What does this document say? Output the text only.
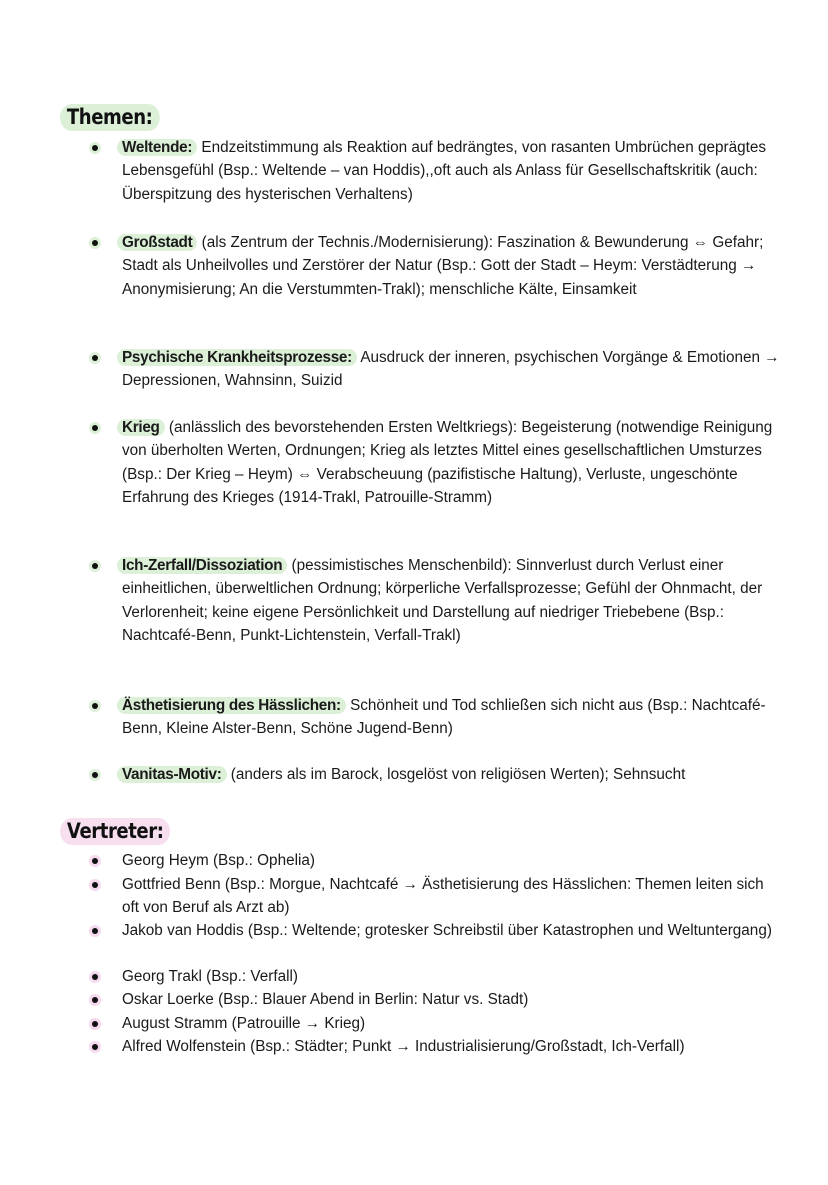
Themen:
Weltende: Endzeitstimmung als Reaktion auf bedrängtes, von rasanten Umbrüchen geprägtes Lebensgefühl (Bsp.: Weltende – van Hoddis),,oft auch als Anlass für Gesellschaftskritik (auch: Überspitzung des hysterischen Verhaltens)
Großstadt (als Zentrum der Technis./Modernisierung): Faszination & Bewunderung ⇔ Gefahr; Stadt als Unheilvolles und Zerstörer der Natur (Bsp.: Gott der Stadt – Heym: Verstädterung → Anonymisierung; An die Verstummten-Trakl); menschliche Kälte, Einsamkeit
Psychische Krankheitsprozesse: Ausdruck der inneren, psychischen Vorgänge & Emotionen → Depressionen, Wahnsinn, Suizid
Krieg (anlässlich des bevorstehenden Ersten Weltkriegs): Begeisterung (notwendige Reinigung von überholten Werten, Ordnungen; Krieg als letztes Mittel eines gesellschaftlichen Umsturzes (Bsp.: Der Krieg – Heym) ⇔ Verabscheuung (pazifistische Haltung), Verluste, ungeschönte Erfahrung des Krieges (1914-Trakl, Patrouille-Stramm)
Ich-Zerfall/Dissoziation (pessimistisches Menschenbild): Sinnverlust durch Verlust einer einheitlichen, überweltlichen Ordnung; körperliche Verfallsprozesse; Gefühl der Ohnmacht, der Verlorenheit; keine eigene Persönlichkeit und Darstellung auf niedriger Triebebene (Bsp.: Nachtcafé-Benn, Punkt-Lichtenstein, Verfall-Trakl)
Ästhetisierung des Hässlichen: Schönheit und Tod schließen sich nicht aus (Bsp.: Nachtcafé-Benn, Kleine Alster-Benn, Schöne Jugend-Benn)
Vanitas-Motiv: (anders als im Barock, losgelöst von religiösen Werten); Sehnsucht
Vertreter:
Georg Heym (Bsp.: Ophelia)
Gottfried Benn (Bsp.: Morgue, Nachtcafé → Ästhetisierung des Hässlichen: Themen leiten sich oft von Beruf als Arzt ab)
Jakob van Hoddis (Bsp.: Weltende; grotesker Schreibstil über Katastrophen und Weltuntergang)
Georg Trakl (Bsp.: Verfall)
Oskar Loerke (Bsp.: Blauer Abend in Berlin: Natur vs. Stadt)
August Stramm (Patrouille → Krieg)
Alfred Wolfenstein (Bsp.: Städter; Punkt → Industrialisierung/Großstadt, Ich-Verfall)
